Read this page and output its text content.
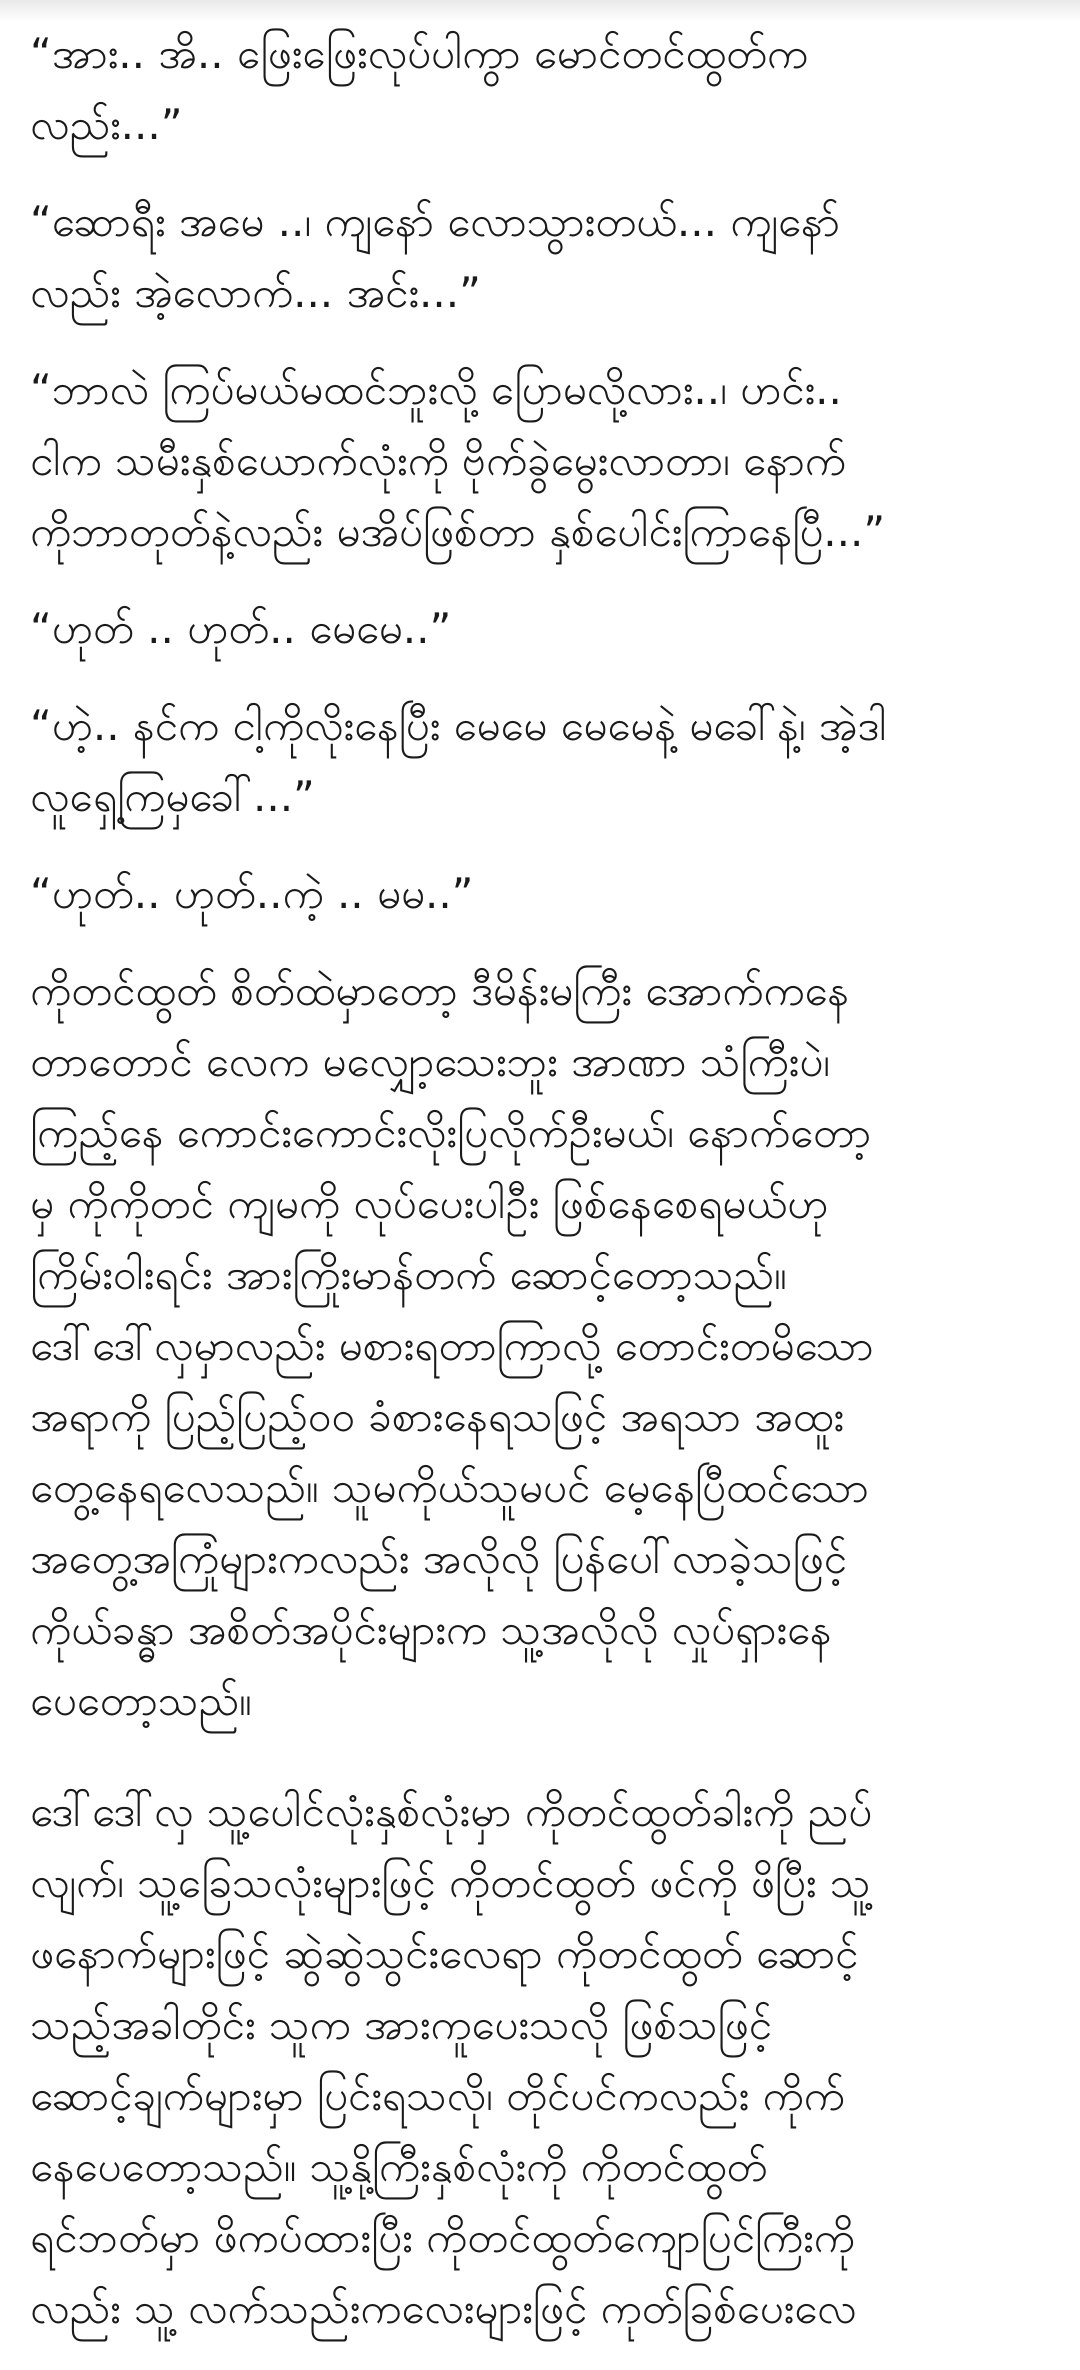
“အား.. အိ.. ဖြေးဖြေးလုပ်ပါကွာ မောင်တင်ထွတ်က
လည်း...”

“ဆောရီး အမေ ..၊ ကျနော် လောသွားတယ်... ကျနော်
လည်း အဲ့လောက်... အင်း...”

“ဘာလဲ ကြပ်မယ်မထင်ဘူးလို့ ပြောမလို့လား..၊ ဟင်း..
ငါက သမီးနှစ်ယောက်လုံးကို ဗိုက်ခွဲမွေးလာတာ၊ နောက်
ကိုဘာတုတ်နဲ့လည်း မအိပ်ဖြစ်တာ နှစ်ပေါင်းကြာနေပြီ...”

“ဟုတ် .. ဟုတ်.. မေမေ..”

“ဟဲ့.. နင်က ငါ့ကိုလိုးနေပြီး မေမေ မေမေနဲ့ မခေါ်နဲ့၊ အဲ့ဒါ
လူရှေ့ကြမှခေါ်...”

“ဟုတ်.. ဟုတ်..ကဲ့ .. မမ..”

ကိုတင်ထွတ် စိတ်ထဲမှာတော့ ဒီမိန်းမကြီး အောက်ကနေ
တာတောင် လေက မလျှော့သေးဘူး အာဏာ သံကြီးပဲ၊
ကြည့်နေ ကောင်းကောင်းလိုးပြလိုက်ဦးမယ်၊ နောက်တော့
မှ ကိုကိုတင် ကျမကို လုပ်ပေးပါဦး ဖြစ်နေစေရမယ်ဟု
ကြိမ်းဝါးရင်း အားကြိုးမာန်တက် ဆောင့်တော့သည်။
ဒေါ်ဒေါ်လှမှာလည်း မစားရတာကြာလို့ တောင်းတမိသော
အရာကို ပြည့်ပြည့်ဝဝ ခံစားနေရသဖြင့် အရသာ အထူး
တွေ့နေရလေသည်။ သူမကိုယ်သူမပင် မေ့နေပြီထင်သော
အတွေ့အကြုံများကလည်း အလိုလို ပြန်ပေါ်လာခဲ့သဖြင့်
ကိုယ်ခန္ဓာ အစိတ်အပိုင်းများက သူ့အလိုလို လှုပ်ရှားနေ
ပေတော့သည်။

ဒေါ်ဒေါ်လှ သူ့ပေါင်လုံးနှစ်လုံးမှာ ကိုတင်ထွတ်ခါးကို ညပ်
လျက်၊ သူ့ခြေသလုံးများဖြင့် ကိုတင်ထွတ် ဖင်ကို ဖိပြီး သူ့
ဖနောက်များဖြင့် ဆွဲဆွဲသွင်းလေရာ ကိုတင်ထွတ် ဆောင့်
သည့်အခါတိုင်း သူက အားကူပေးသလို ဖြစ်သဖြင့်
ဆောင့်ချက်များမှာ ပြင်းရသလို၊ တိုင်ပင်ကလည်း ကိုက်
နေပေတော့သည်။ သူ့နို့ကြီးနှစ်လုံးကို ကိုတင်ထွတ်
ရင်ဘတ်မှာ ဖိကပ်ထားပြီး ကိုတင်ထွတ်ကျောပြင်ကြီးကို
လည်း သူ့ လက်သည်းကလေးများဖြင့် ကုတ်ခြစ်ပေးလေ
